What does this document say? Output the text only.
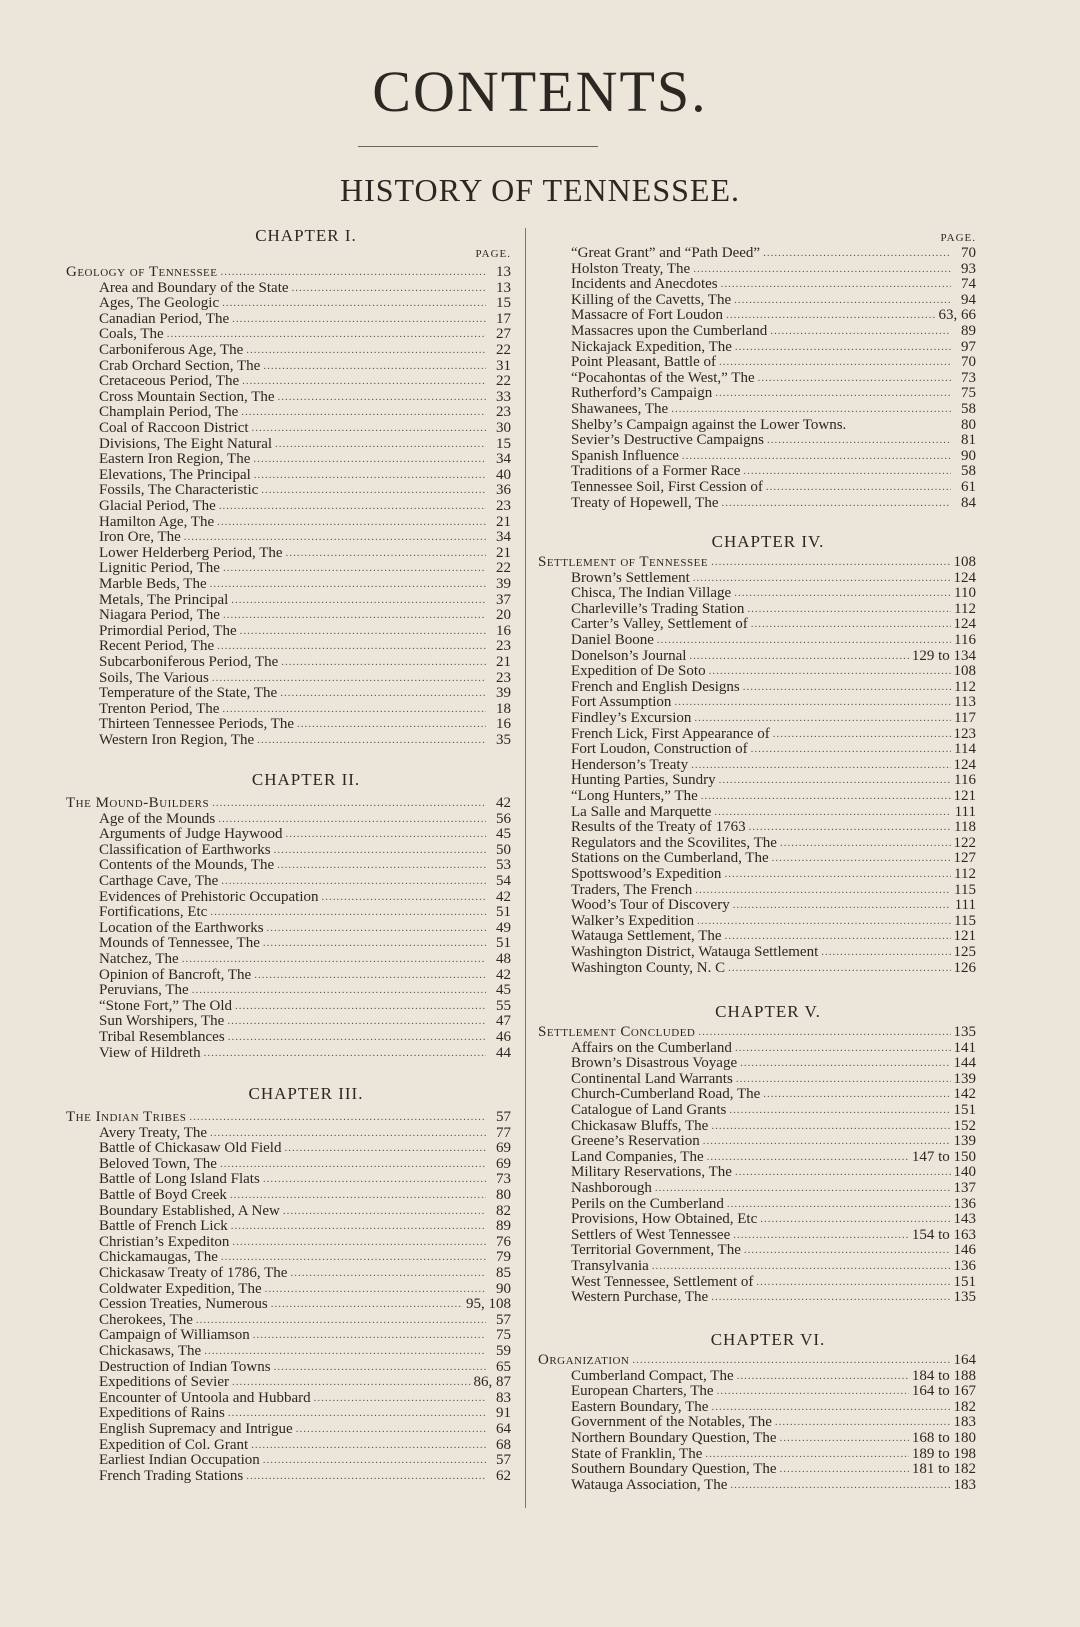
CONTENTS.
HISTORY OF TENNESSEE.
CHAPTER I.
PAGE.
Geology of Tennessee .....	13
Area and Boundary of the State .....	13
Ages, The Geologic .....	15
Canadian Period, The .....	17
Coals, The .....	27
Carboniferous Age, The .....	22
Crab Orchard Section, The .....	31
Cretaceous Period, The .....	22
Cross Mountain Section, The .....	33
Champlain Period, The .....	23
Coal of Raccoon District .....	30
Divisions, The Eight Natural .....	15
Eastern Iron Region, The .....	34
Elevations, The Principal .....	40
Fossils, The Characteristic .....	36
Glacial Period, The .....	23
Hamilton Age, The .....	21
Iron Ore, The .....	34
Lower Helderberg Period, The .....	21
Lignitic Period, The .....	22
Marble Beds, The .....	39
Metals, The Principal .....	37
Niagara Period, The .....	20
Primordial Period, The .....	16
Recent Period, The .....	23
Subcarboniferous Period, The .....	21
Soils, The Various .....	23
Temperature of the State, The .....	39
Trenton Period, The .....	18
Thirteen Tennessee Periods, The .....	16
Western Iron Region, The .....	35
CHAPTER II.
The Mound-Builders .....	42
Age of the Mounds .....	56
Arguments of Judge Haywood .....	45
Classification of Earthworks .....	50
Contents of the Mounds, The .....	53
Carthage Cave, The .....	54
Evidences of Prehistoric Occupation .....	42
Fortifications, Etc .....	51
Location of the Earthworks .....	49
Mounds of Tennessee, The .....	51
Natchez, The .....	48
Opinion of Bancroft, The .....	42
Peruvians, The .....	45
“Stone Fort,” The Old .....	55
Sun Worshipers, The .....	47
Tribal Resemblances .....	46
View of Hildreth .....	44
CHAPTER III.
The Indian Tribes .....	57
Avery Treaty, The .....	77
Battle of Chickasaw Old Field .....	69
Beloved Town, The .....	69
Battle of Long Island Flats .....	73
Battle of Boyd Creek .....	80
Boundary Established, A New .....	82
Battle of French Lick .....	89
Christian’s Expediton .....	76
Chickamaugas, The .....	79
Chickasaw Treaty of 1786, The .....	85
Coldwater Expedition, The .....	90
Cession Treaties, Numerous .....	95, 108
Cherokees, The .....	57
Campaign of Williamson .....	75
Chickasaws, The .....	59
Destruction of Indian Towns .....	65
Expeditions of Sevier .....	86, 87
Encounter of Untoola and Hubbard .....	83
Expeditions of Rains .....	91
English Supremacy and Intrigue .....	64
Expedition of Col. Grant .....	68
Earliest Indian Occupation .....	57
French Trading Stations .....	62
PAGE.
“Great Grant” and “Path Deed” .....	70
Holston Treaty, The .....	93
Incidents and Anecdotes .....	74
Killing of the Cavetts, The .....	94
Massacre of Fort Loudon .....	63, 66
Massacres upon the Cumberland .....	89
Nickajack Expedition, The .....	97
Point Pleasant, Battle of .....	70
“Pocahontas of the West,” The .....	73
Rutherford’s Campaign .....	75
Shawanees, The .....	58
Shelby’s Campaign against the Lower Towns.	80
Sevier’s Destructive Campaigns .....	81
Spanish Influence .....	90
Traditions of a Former Race .....	58
Tennessee Soil, First Cession of .....	61
Treaty of Hopewell, The .....	84
CHAPTER IV.
Settlement of Tennessee .....	108
Brown’s Settlement .....	124
Chisca, The Indian Village .....	110
Charleville’s Trading Station .....	112
Carter’s Valley, Settlement of .....	124
Daniel Boone .....	116
Donelson’s Journal .....	129 to 134
Expedition of De Soto .....	108
French and English Designs .....	112
Fort Assumption .....	113
Findley’s Excursion .....	117
French Lick, First Appearance of .....	123
Fort Loudon, Construction of .....	114
Henderson’s Treaty .....	124
Hunting Parties, Sundry .....	116
“Long Hunters,” The .....	121
La Salle and Marquette .....	111
Results of the Treaty of 1763 .....	118
Regulators and the Scovilites, The .....	122
Stations on the Cumberland, The .....	127
Spottswood’s Expedition .....	112
Traders, The French .....	115
Wood’s Tour of Discovery .....	111
Walker’s Expedition .....	115
Watauga Settlement, The .....	121
Washington District, Watauga Settlement .....	125
Washington County, N. C .....	126
CHAPTER V.
Settlement Concluded .....	135
Affairs on the Cumberland .....	141
Brown’s Disastrous Voyage .....	144
Continental Land Warrants .....	139
Church-Cumberland Road, The .....	142
Catalogue of Land Grants .....	151
Chickasaw Bluffs, The .....	152
Greene’s Reservation .....	139
Land Companies, The .....	147 to 150
Military Reservations, The .....	140
Nashborough .....	137
Perils on the Cumberland .....	136
Provisions, How Obtained, Etc .....	143
Settlers of West Tennessee .....	154 to 163
Territorial Government, The .....	146
Transylvania .....	136
West Tennessee, Settlement of .....	151
Western Purchase, The .....	135
CHAPTER VI.
Organization .....	164
Cumberland Compact, The .....	184 to 188
European Charters, The .....	164 to 167
Eastern Boundary, The .....	182
Government of the Notables, The .....	183
Northern Boundary Question, The .....	168 to 180
State of Franklin, The .....	189 to 198
Southern Boundary Question, The .....	181 to 182
Watauga Association, The .....	183
